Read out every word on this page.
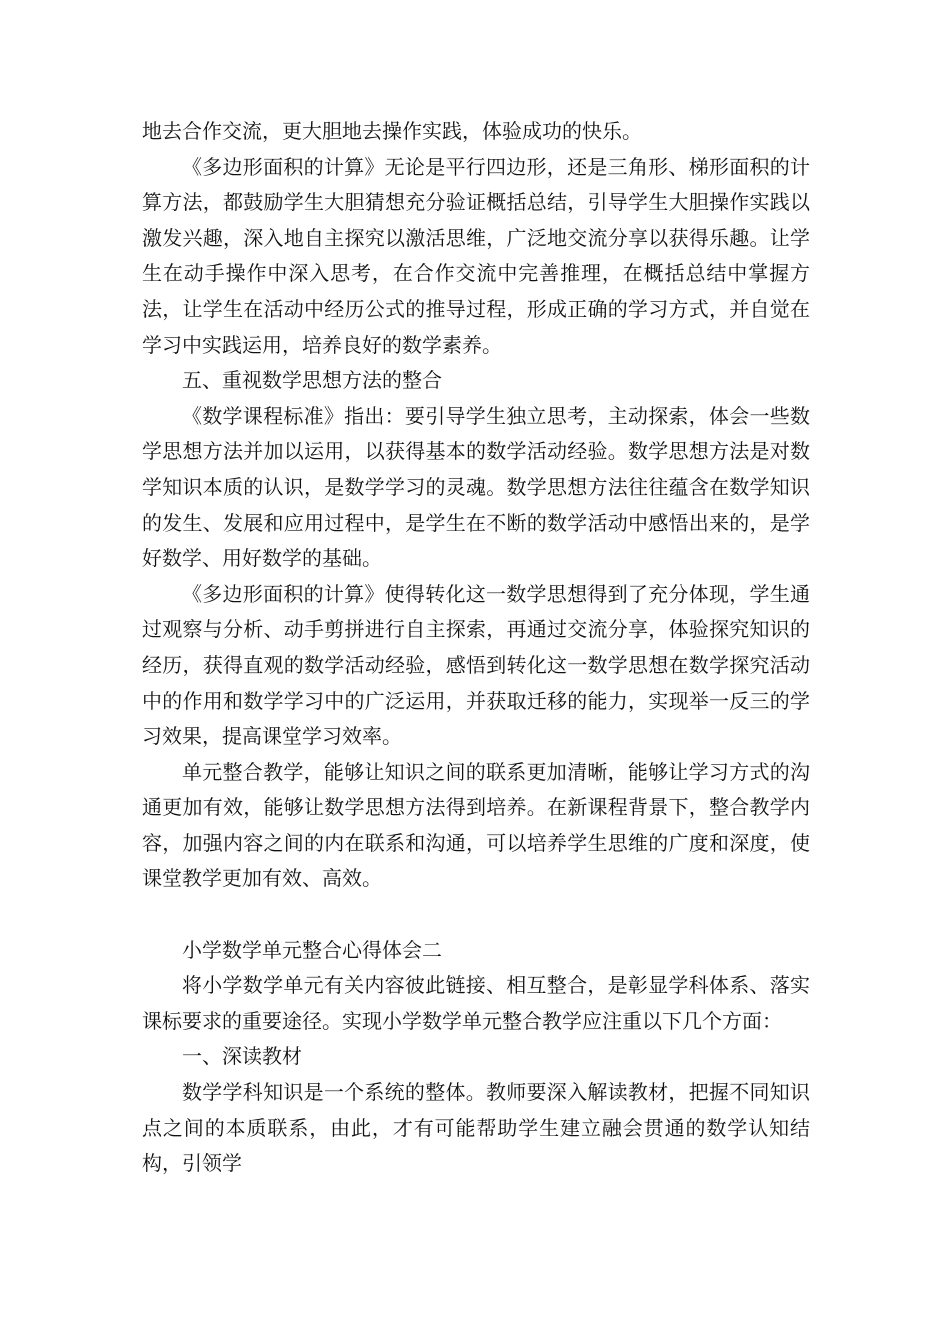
地去合作交流，更大胆地去操作实践，体验成功的快乐。

《多边形面积的计算》无论是平行四边形，还是三角形、梯形面积的计算方法，都鼓励学生大胆猜想充分验证概括总结，引导学生大胆操作实践以激发兴趣，深入地自主探究以激活思维，广泛地交流分享以获得乐趣。让学生在动手操作中深入思考，在合作交流中完善推理，在概括总结中掌握方法，让学生在活动中经历公式的推导过程，形成正确的学习方式，并自觉在学习中实践运用，培养良好的数学素养。

五、重视数学思想方法的整合

《数学课程标准》指出：要引导学生独立思考，主动探索，体会一些数学思想方法并加以运用，以获得基本的数学活动经验。数学思想方法是对数学知识本质的认识，是数学学习的灵魂。数学思想方法往往蕴含在数学知识的发生、发展和应用过程中，是学生在不断的数学活动中感悟出来的，是学好数学、用好数学的基础。

《多边形面积的计算》使得转化这一数学思想得到了充分体现，学生通过观察与分析、动手剪拼进行自主探索，再通过交流分享，体验探究知识的经历，获得直观的数学活动经验，感悟到转化这一数学思想在数学探究活动中的作用和数学学习中的广泛运用，并获取迁移的能力，实现举一反三的学习效果，提高课堂学习效率。

单元整合教学，能够让知识之间的联系更加清晰，能够让学习方式的沟通更加有效，能够让数学思想方法得到培养。在新课程背景下，整合教学内容，加强内容之间的内在联系和沟通，可以培养学生思维的广度和深度，使课堂教学更加有效、高效。

小学数学单元整合心得体会二

将小学数学单元有关内容彼此链接、相互整合，是彰显学科体系、落实课标要求的重要途径。实现小学数学单元整合教学应注重以下几个方面：

一、深读教材

数学学科知识是一个系统的整体。教师要深入解读教材，把握不同知识点之间的本质联系，由此，才有可能帮助学生建立融会贯通的数学认知结构，引领学
